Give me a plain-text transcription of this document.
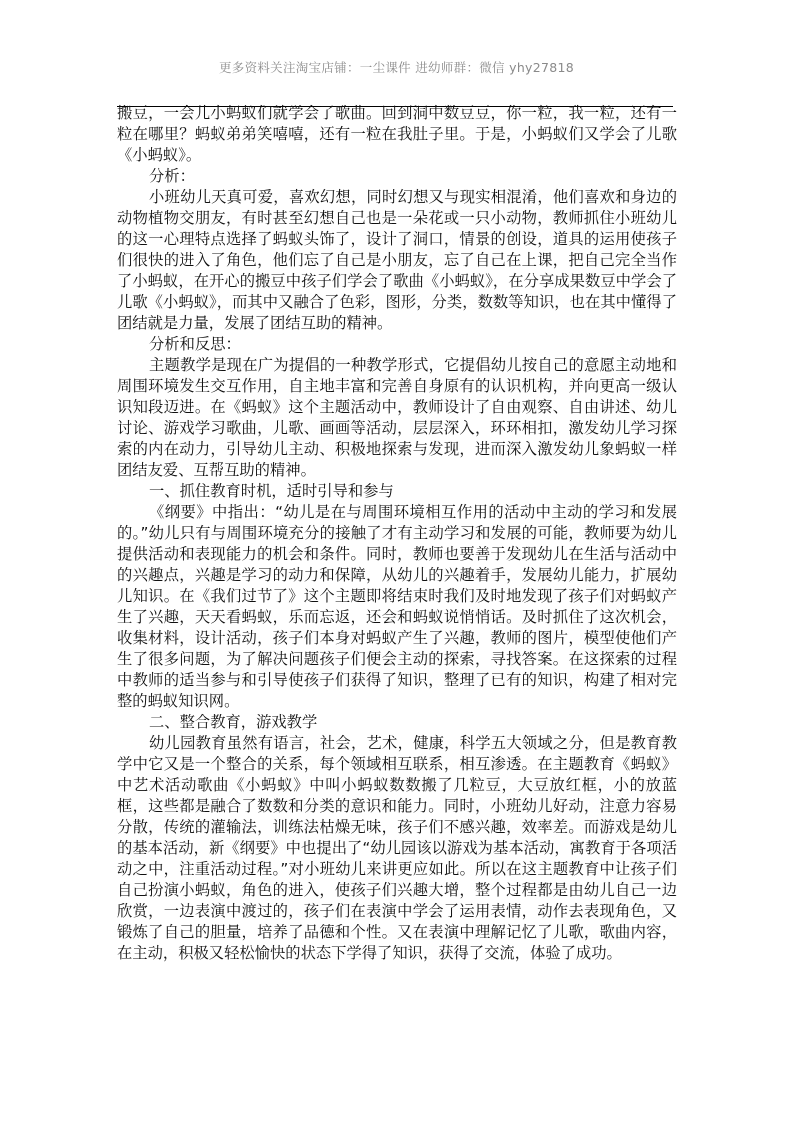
更多资料关注淘宝店铺：一尘课件 进幼师群：微信 yhy27818

搬豆，一会儿小蚂蚁们就学会了歌曲。回到洞中数豆豆，你一粒，我一粒，还有一粒在哪里？蚂蚁弟弟笑嘻嘻，还有一粒在我肚子里。于是，小蚂蚁们又学会了儿歌《小蚂蚁》。

分析：

小班幼儿天真可爱，喜欢幻想，同时幻想又与现实相混淆，他们喜欢和身边的动物植物交朋友，有时甚至幻想自己也是一朵花或一只小动物，教师抓住小班幼儿的这一心理特点选择了蚂蚁头饰了，设计了洞口，情景的创设，道具的运用使孩子们很快的进入了角色，他们忘了自己是小朋友，忘了自己在上课，把自己完全当作了小蚂蚁，在开心的搬豆中孩子们学会了歌曲《小蚂蚁》，在分享成果数豆中学会了儿歌《小蚂蚁》，而其中又融合了色彩，图形，分类，数数等知识，也在其中懂得了团结就是力量，发展了团结互助的精神。

分析和反思：

主题教学是现在广为提倡的一种教学形式，它提倡幼儿按自己的意愿主动地和周围环境发生交互作用，自主地丰富和完善自身原有的认识机构，并向更高一级认识知段迈进。在《蚂蚁》这个主题活动中，教师设计了自由观察、自由讲述、幼儿讨论、游戏学习歌曲，儿歌、画画等活动，层层深入，环环相扣，激发幼儿学习探索的内在动力，引导幼儿主动、积极地探索与发现，进而深入激发幼儿象蚂蚁一样团结友爱、互帮互助的精神。

一、抓住教育时机，适时引导和参与

《纲要》中指出：“幼儿是在与周围环境相互作用的活动中主动的学习和发展的。”幼儿只有与周围环境充分的接触了才有主动学习和发展的可能，教师要为幼儿提供活动和表现能力的机会和条件。同时，教师也要善于发现幼儿在生活与活动中的兴趣点，兴趣是学习的动力和保障，从幼儿的兴趣着手，发展幼儿能力，扩展幼儿知识。在《我们过节了》这个主题即将结束时我们及时地发现了孩子们对蚂蚁产生了兴趣，天天看蚂蚁，乐而忘返，还会和蚂蚁说悄悄话。及时抓住了这次机会，收集材料，设计活动，孩子们本身对蚂蚁产生了兴趣，教师的图片，模型使他们产生了很多问题，为了解决问题孩子们便会主动的探索，寻找答案。在这探索的过程中教师的适当参与和引导使孩子们获得了知识，整理了已有的知识，构建了相对完整的蚂蚁知识网。

二、整合教育，游戏教学

幼儿园教育虽然有语言，社会，艺术，健康，科学五大领域之分，但是教育教学中它又是一个整合的关系，每个领域相互联系，相互渗透。在主题教育《蚂蚁》中艺术活动歌曲《小蚂蚁》中叫小蚂蚁数数搬了几粒豆，大豆放红框，小的放蓝框，这些都是融合了数数和分类的意识和能力。同时，小班幼儿好动，注意力容易分散，传统的灌输法，训练法枯燥无味，孩子们不感兴趣，效率差。而游戏是幼儿的基本活动，新《纲要》中也提出了“幼儿园该以游戏为基本活动，寓教育于各项活动之中，注重活动过程。”对小班幼儿来讲更应如此。所以在这主题教育中让孩子们自己扮演小蚂蚁，角色的进入，使孩子们兴趣大增，整个过程都是由幼儿自己一边欣赏，一边表演中渡过的，孩子们在表演中学会了运用表情，动作去表现角色，又锻炼了自己的胆量，培养了品德和个性。又在表演中理解记忆了儿歌，歌曲内容，在主动，积极又轻松愉快的状态下学得了知识，获得了交流，体验了成功。
